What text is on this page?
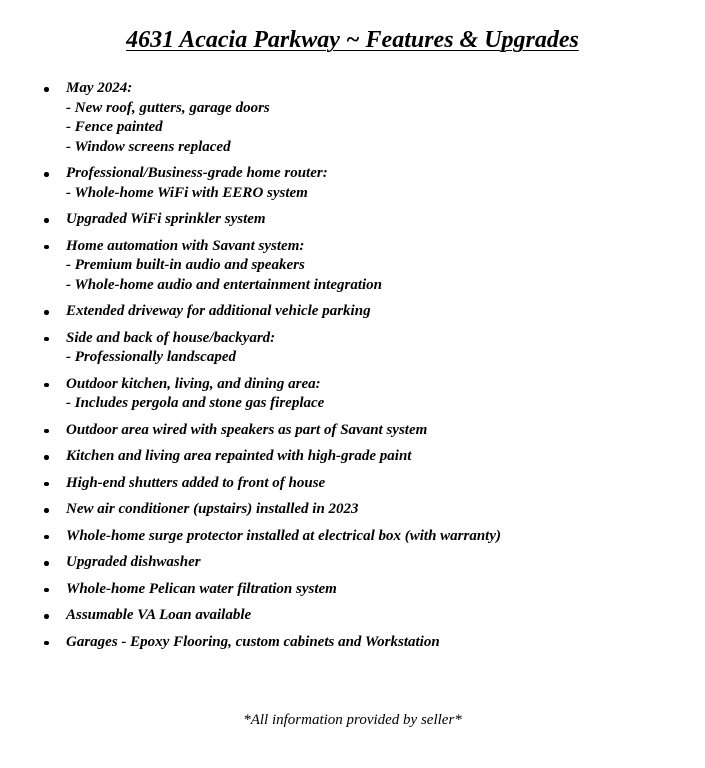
4631 Acacia Parkway ~ Features & Upgrades
May 2024:
- New roof, gutters, garage doors
- Fence painted
- Window screens replaced
Professional/Business-grade home router:
- Whole-home WiFi with EERO system
Upgraded WiFi sprinkler system
Home automation with Savant system:
- Premium built-in audio and speakers
- Whole-home audio and entertainment integration
Extended driveway for additional vehicle parking
Side and back of house/backyard:
- Professionally landscaped
Outdoor kitchen, living, and dining area:
- Includes pergola and stone gas fireplace
Outdoor area wired with speakers as part of Savant system
Kitchen and living area repainted with high-grade paint
High-end shutters added to front of house
New air conditioner (upstairs) installed in 2023
Whole-home surge protector installed at electrical box (with warranty)
Upgraded dishwasher
Whole-home Pelican water filtration system
Assumable VA Loan available
Garages - Epoxy Flooring, custom cabinets and Workstation
*All information provided by seller*
